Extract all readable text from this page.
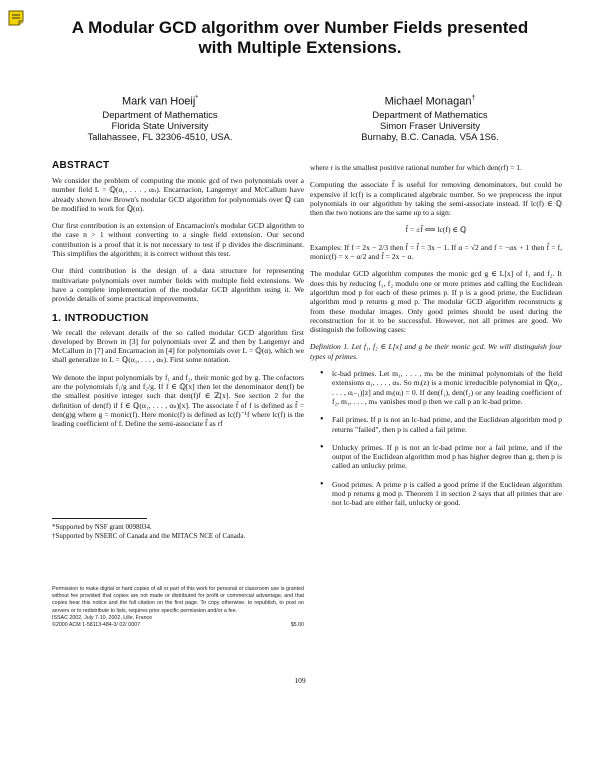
A Modular GCD algorithm over Number Fields presented
with Multiple Extensions.
Mark van Hoeij*
Department of Mathematics
Florida State University
Tallahassee, FL 32306-4510, USA.
Michael Monagan†
Department of Mathematics
Simon Fraser University
Burnaby, B.C. Canada. V5A 1S6.
ABSTRACT

We consider the problem of computing the monic gcd of two polynomials over a number field L = ℚ(α₁, . . . , αₙ). Encarnacion, Langemyr and McCallum have already shown how Brown's modular GCD algorithm for polynomials over ℚ can be modified to work for ℚ(α).

Our first contribution is an extension of Encarnacion's modular GCD algorithm to the case n > 1 without converting to a single field extension. Our second contribution is a proof that it is not necessary to test if p divides the discriminant. This simplifies the algorithm; it is correct without this test.

Our third contribution is the design of a data structure for representing multivariate polynomials over number fields with multiple field extensions. We have a complete implementation of the modular GCD algorithm using it. We provide details of some practical improvements.

1. INTRODUCTION

We recall the relevant details of the so called modular GCD algorithm first developed by Brown in [3] for polynomials over ℤ and then by Langemyr and McCallum in [7] and Encarnacion in [4] for polynomials over L = ℚ(α), which we shall generalize to L = ℚ(α₁, . . . , αₙ). First some notation.

We denote the input polynomials by f₁ and f₂, their monic gcd by g. The cofactors are the polynomials f₁/g and f₂/g. If f ∈ ℚ[x] then let the denominator den(f) be the smallest positive integer such that den(f)f ∈ ℤ[x]. See section 2 for the definition of den(f) if f ∈ ℚ(α₁, . . . , αₙ)[x]. The associate f̃ of f is defined as f̃ = den(g)g where g = monic(f). Here monic(f) is defined as lc(f)⁻¹f where lc(f) is the leading coefficient of f. Define the semi-associate f̌ as rf

*Supported by NSF grant 0098034.
†Supported by NSERC of Canada and the MITACS NCE of Canada.
Permission to make digital or hard copies of all or part of this work for personal or classroom use is granted without fee provided that copies are not made or distributed for profit or commercial advantage, and that copies bear this notice and the full citation on the first page. To copy otherwise, to republish, to post on servers or to redistribute to lists, requires prior specific permission and/or a fee.
ISSAC 2002, July 7-10, 2002, Lille, France
©2000 ACM 1-58113-484-3/ 02/ 0007	$5.00

where r is the smallest positive rational number for which den(rf) = 1.

Computing the associate f̃ is useful for removing denominators, but could be expensive if lc(f) is a complicated algebraic number. So we preprocess the input polynomials in our algorithm by taking the semi-associate instead. If lc(f) ∈ ℚ then the two notions are the same up to a sign:

f̌ = ±f̃ ⟺ lc(f) ∈ ℚ

Examples: If f = 2x − 2/3 then f̌ = f̃ = 3x − 1. If α = √2 and f = −αx + 1 then f̌ = f, monic(f) = x − α/2 and f̃ = 2x − α.

The modular GCD algorithm computes the monic gcd g ∈ L[x] of f₁ and f₂. It does this by reducing f₁, f₂ modulo one or more primes and calling the Euclidean algorithm mod p for each of these primes p. If p is a good prime, the Euclidean algorithm mod p returns g mod p. The modular GCD algorithm reconstructs g from these modular images. Only good primes should be used during the reconstruction for it to be successful. However, not all primes are good. We distinguish the following cases:

Definition 1. Let f₁, f₂ ∈ L[x] and g be their monic gcd. We will distinguish four types of primes.

• lc-bad primes. Let m₁, . . . , mₙ be the minimal polynomials of the field extensions α₁, . . . , αₙ. So mᵢ(z) is a monic irreducible polynomial in ℚ(α₁, . . . , αᵢ₋₁)[z] and mᵢ(αᵢ) = 0. If den(f₁), den(f₂) or any leading coefficient of f₂, m₁, . . . , mₙ vanishes mod p then we call p an lc-bad prime.
• Fail primes. If p is not an lc-bad prime, and the Euclidean algorithm mod p returns "failed", then p is called a fail prime.
• Unlucky primes. If p is not an lc-bad prime nor a fail prime, and if the output of the Euclidean algorithm mod p has higher degree than g, then p is called an unlucky prime.
• Good primes. A prime p is called a good prime if the Euclidean algorithm mod p returns g mod p. Theorem 1 in section 2 says that all primes that are not lc-bad are either fail, unlucky or good.
109
